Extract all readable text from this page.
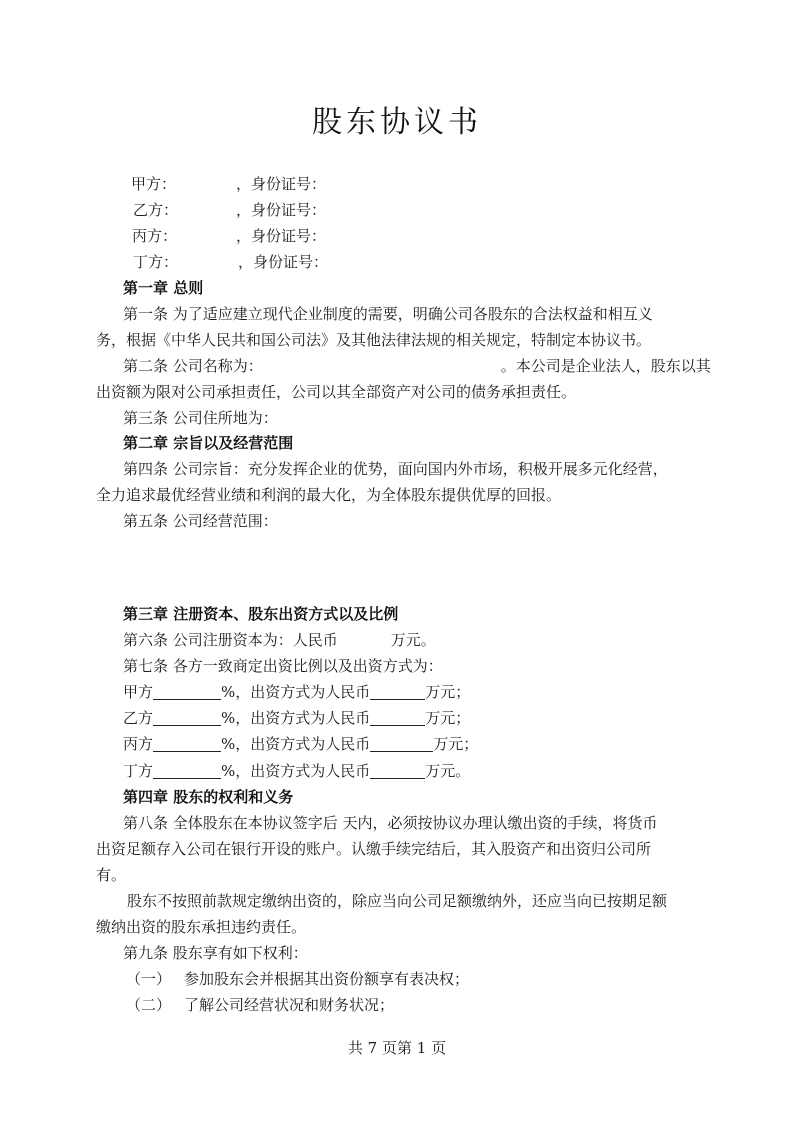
股东协议书
甲方：	，身份证号：
乙方：	，身份证号：
丙方：	，身份证号：
丁方：	，身份证号：
第一章 总则
第一条 为了适应建立现代企业制度的需要，明确公司各股东的合法权益和相互义
务，根据《中华人民共和国公司法》及其他法律法规的相关规定，特制定本协议书。
第二条 公司名称为：	。本公司是企业法人，股东以其
出资额为限对公司承担责任，公司以其全部资产对公司的债务承担责任。
第三条 公司住所地为：
第二章 宗旨以及经营范围
第四条 公司宗旨：充分发挥企业的优势，面向国内外市场，积极开展多元化经营，
全力追求最优经营业绩和利润的最大化，为全体股东提供优厚的回报。
第五条 公司经营范围：
第三章 注册资本、股东出资方式以及比例
第六条 公司注册资本为：人民币	万元。
第七条 各方一致商定出资比例以及出资方式为：
甲方	%，出资方式为人民币	万元；
乙方	%，出资方式为人民币	万元；
丙方	%，出资方式为人民币	万元；
丁方	%，出资方式为人民币	万元。
第四章 股东的权利和义务
第八条 全体股东在本协议签字后 天内，必须按协议办理认缴出资的手续，将货币
出资足额存入公司在银行开设的账户。认缴手续完结后，其入股资产和出资归公司所
有。
股东不按照前款规定缴纳出资的，除应当向公司足额缴纳外，还应当向已按期足额
缴纳出资的股东承担违约责任。
第九条 股东享有如下权利：
（一） 参加股东会并根据其出资份额享有表决权；
（二） 了解公司经营状况和财务状况；
共 7 页第 1 页
